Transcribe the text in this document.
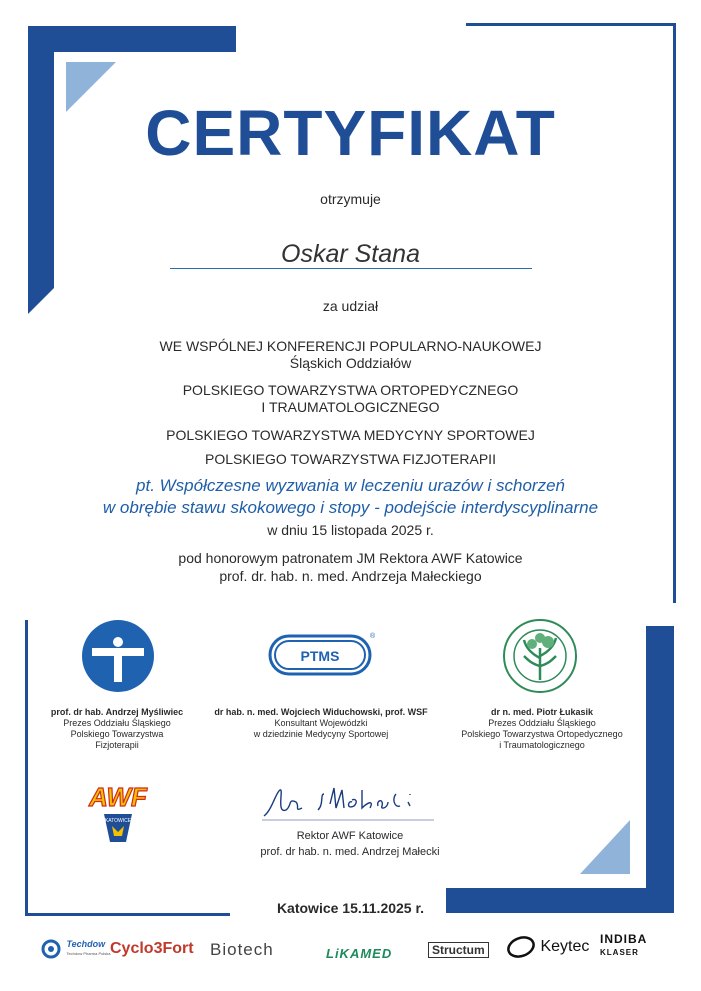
CERTYFIKAT
otrzymuje
Oskar Stana
za udział
WE WSPÓLNEJ KONFERENCJI POPULARNO-NAUKOWEJ
Śląskich Oddziałów
POLSKIEGO TOWARZYSTWA ORTOPEDYCZNEGO
I TRAUMATOLOGICZNEGO
POLSKIEGO TOWARZYSTWA MEDYCYNY SPORTOWEJ
POLSKIEGO TOWARZYSTWA FIZJOTERAPII
pt. Współczesne wyzwania w leczeniu urazów i schorzeń
w obrębie stawu skokowego i stopy - podejście interdyscyplinarne
w dniu 15 listopada 2025 r.
pod honorowym patronatem JM Rektora AWF Katowice
prof. dr. hab. n. med. Andrzeja Małeckiego
PTMS
®
prof. dr hab. Andrzej Myśliwiec
Prezes Oddziału Śląskiego
Polskiego Towarzystwa
Fizjoterapii
dr hab. n. med. Wojciech Widuchowski, prof. WSF
Konsultant Wojewódzki
w dziedzinie Medycyny Sportowej
dr n. med. Piotr Łukasik
Prezes Oddziału Śląskiego
Polskiego Towarzystwa Ortopedycznego
i Traumatologicznego
AWF
KATOWICE
Rektor AWF Katowice
prof. dr hab. n. med. Andrzej Małecki
Katowice 15.11.2025 r.

Techdow
Techdow Pharma Polska Cyclo3Fort Biotech	LiKAMED	Structum	Keytec INDIBA
KLASER
